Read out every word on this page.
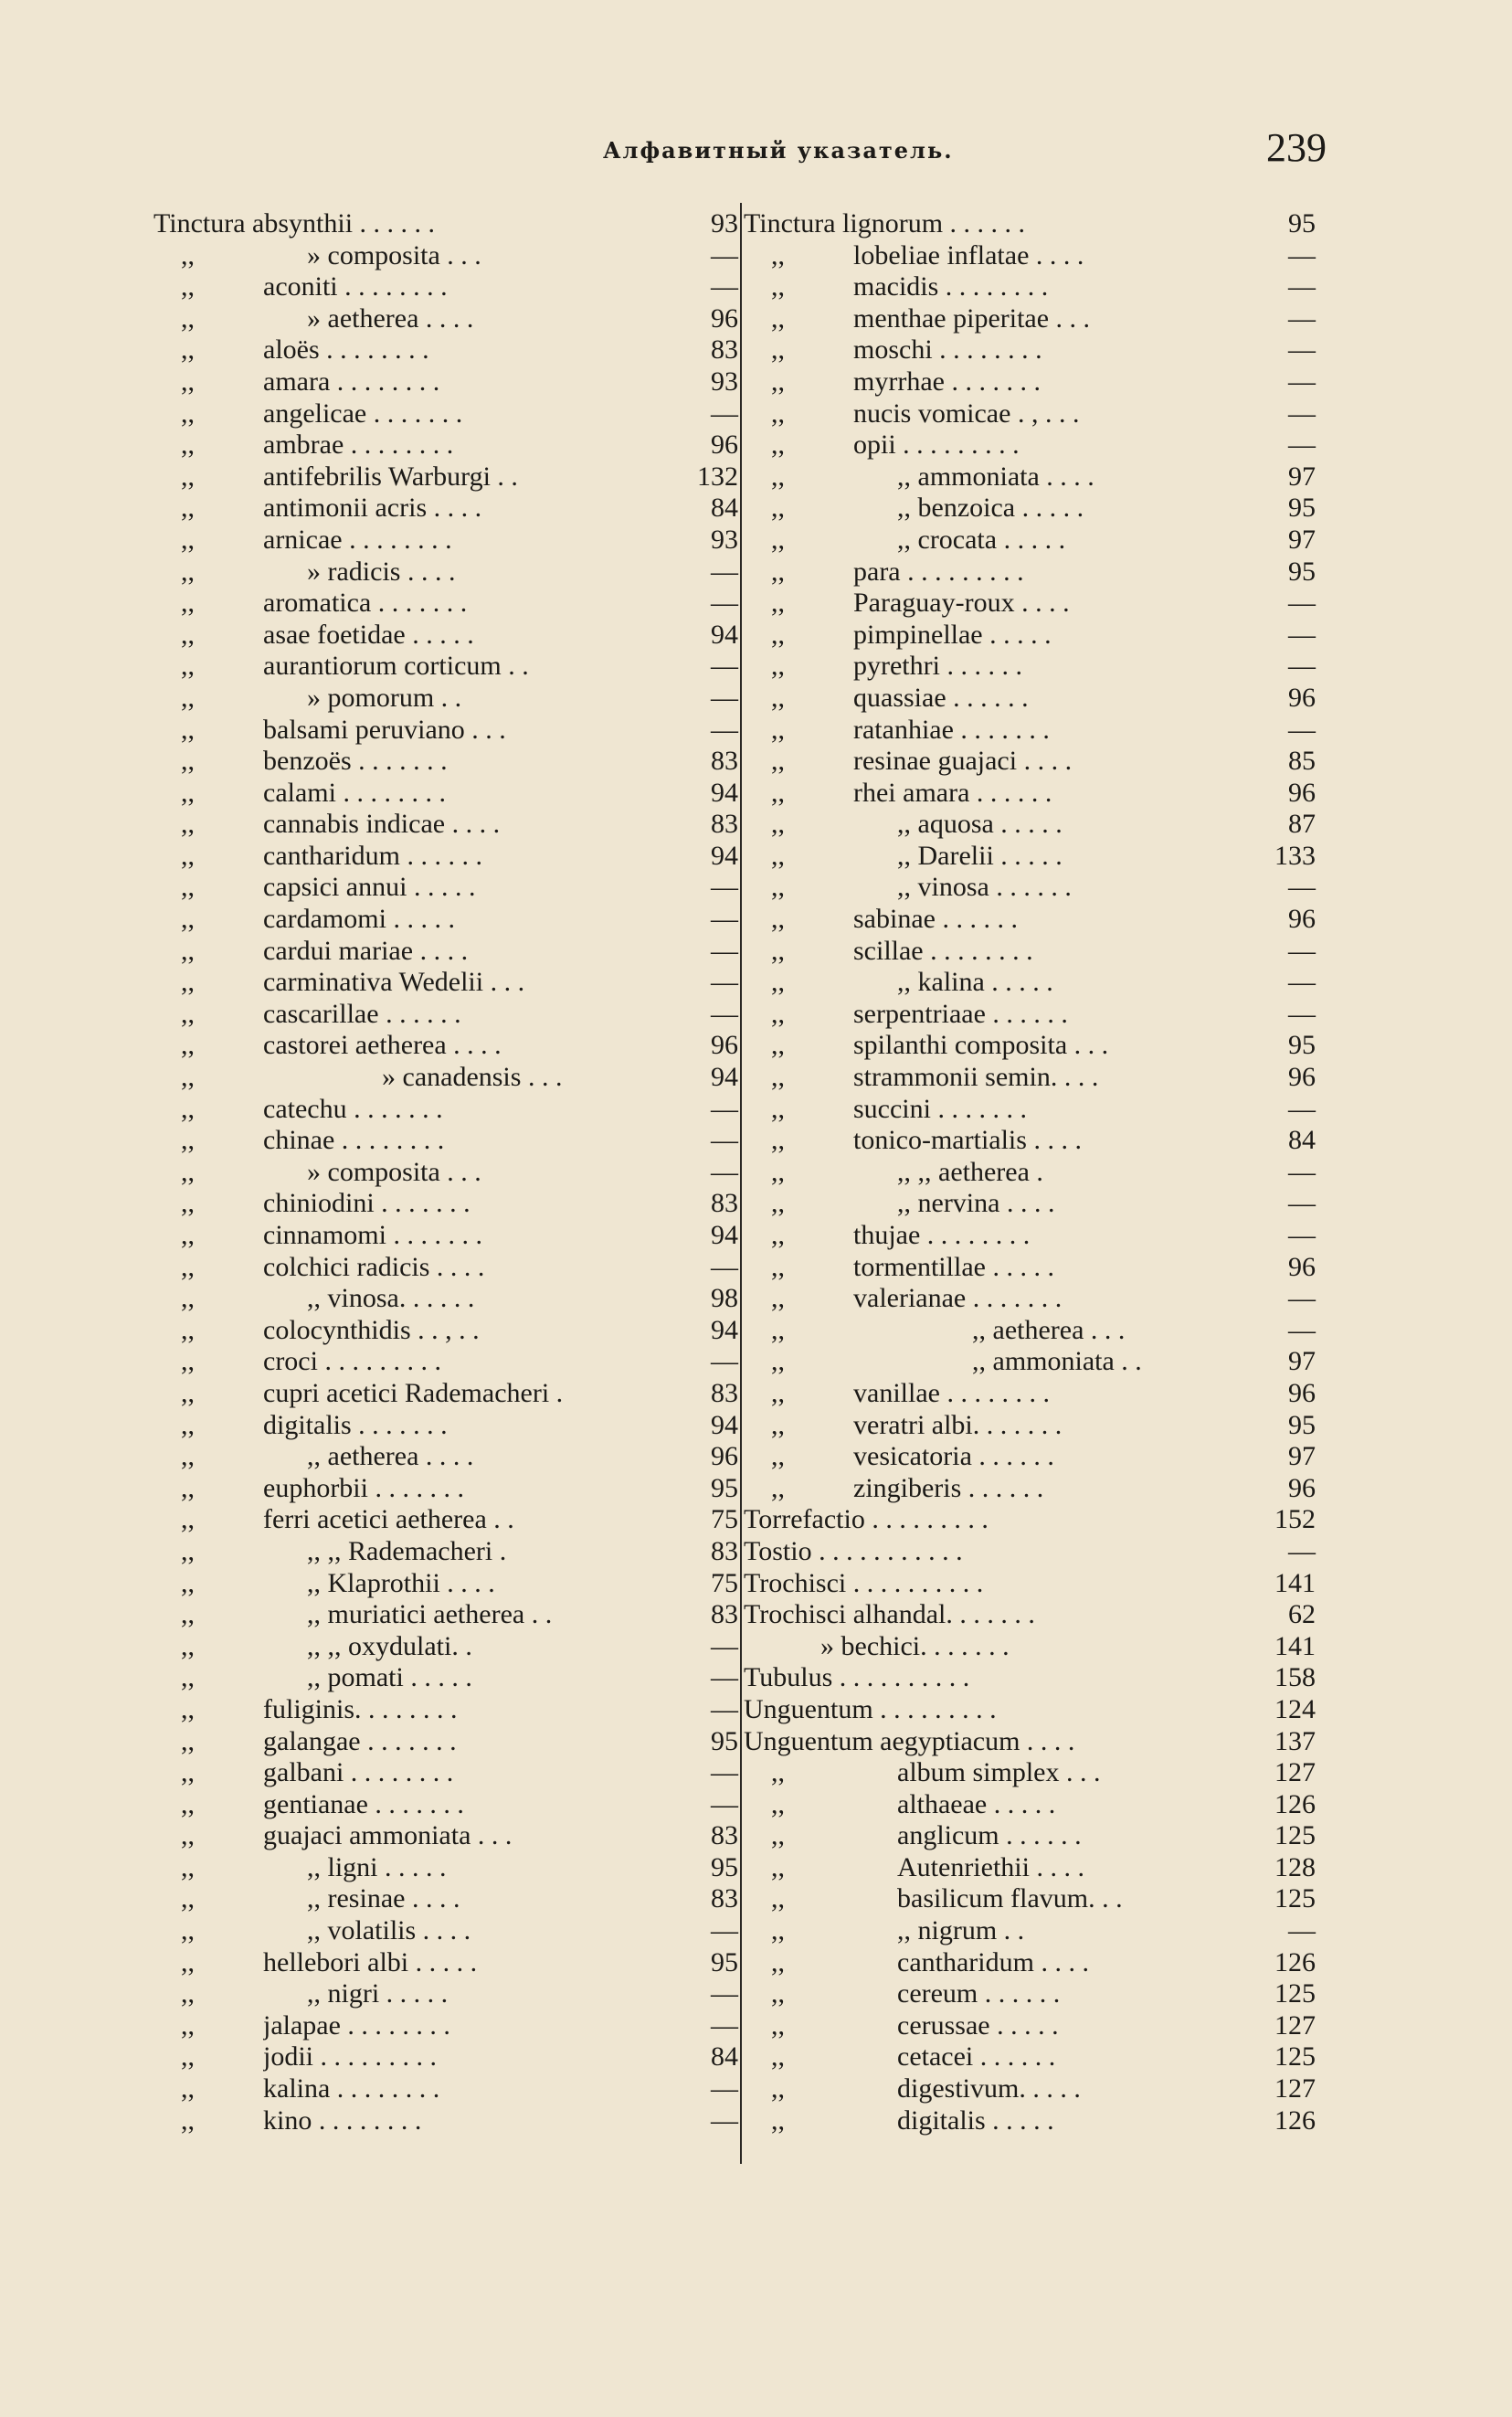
Алфавитный указатель.	239
Tinctura absynthii . . . . . .	93
,,	» composita . . .	—
,,	aconiti . . . . . . . .	—
,,	» aetherea . . . .	96
,,	aloës . . . . . . . .	83
,,	amara . . . . . . . .	93
,,	angelicae . . . . . . .	—
,,	ambrae . . . . . . . .	96
,,	antifebrilis Warburgi . .	132
,,	antimonii acris . . . .	84
,,	arnicae . . . . . . . .	93
,,	» radicis . . . .	—
,,	aromatica . . . . . . .	—
,,	asae foetidae . . . . .	94
,,	aurantiorum corticum . .	—
,,	» pomorum . .	—
,,	balsami peruviano . . .	—
,,	benzoës . . . . . . .	83
,,	calami . . . . . . . .	94
,,	cannabis indicae . . . .	83
,,	cantharidum . . . . . .	94
,,	capsici annui . . . . .	—
,,	cardamomi . . . . .	—
,,	cardui mariae . . . .	—
,,	carminativa Wedelii . . .	—
,,	cascarillae . . . . . .	—
,,	castorei aetherea . . . .	96
,,	» canadensis . . .	94
,,	catechu . . . . . . .	—
,,	chinae . . . . . . . .	—
,,	» composita . . .	—
,,	chiniodini . . . . . . .	83
,,	cinnamomi . . . . . . .	94
,,	colchici radicis . . . .	—
,,	,, vinosa. . . . . .	98
,,	colocynthidis . . , . .	94
,,	croci . . . . . . . . .	—
,,	cupri acetici Rademacheri .	83
,,	digitalis . . . . . . .	94
,,	,, aetherea . . . .	96
,,	euphorbii . . . . . . .	95
,,	ferri acetici aetherea . .	75
,,	,, ,, Rademacheri .	83
,,	,, Klaprothii . . . .	75
,,	,, muriatici aetherea . .	83
,,	,, ,, oxydulati. .	—
,,	,, pomati . . . . .	—
,,	fuliginis. . . . . . . .	—
,,	galangae . . . . . . .	95
,,	galbani . . . . . . . .	—
,,	gentianae . . . . . . .	—
,,	guajaci ammoniata . . .	83
,,	,, ligni . . . . .	95
,,	,, resinae . . . .	83
,,	,, volatilis . . . .	—
,,	hellebori albi . . . . .	95
,,	,, nigri . . . . .	—
,,	jalapae . . . . . . . .	—
,,	jodii . . . . . . . . .	84
,,	kalina . . . . . . . .	—
,,	kino . . . . . . . .	—
Tinctura lignorum . . . . . .	95
,,	lobeliae inflatae . . . .	—
,,	macidis . . . . . . . .	—
,,	menthae piperitae . . .	—
,,	moschi . . . . . . . .	—
,,	myrrhae . . . . . . .	—
,,	nucis vomicae . , . . .	—
,,	opii . . . . . . . . .	—
,,	,, ammoniata . . . .	97
,,	,, benzoica . . . . .	95
,,	,, crocata . . . . .	97
,,	para . . . . . . . . .	95
,,	Paraguay-roux . . . .	—
,,	pimpinellae . . . . .	—
,,	pyrethri . . . . . .	—
,,	quassiae . . . . . .	96
,,	ratanhiae . . . . . . .	—
,,	resinae guajaci . . . .	85
,,	rhei amara . . . . . .	96
,,	,, aquosa . . . . .	87
,,	,, Darelii . . . . .	133
,,	,, vinosa . . . . . .	—
,,	sabinae . . . . . .	96
,,	scillae . . . . . . . .	—
,,	,, kalina . . . . .	—
,,	serpentriaae . . . . . .	—
,,	spilanthi composita . . .	95
,,	strammonii semin. . . .	96
,,	succini . . . . . . .	—
,,	tonico-martialis . . . .	84
,,	,, ,, aetherea .	—
,,	,, nervina . . . .	—
,,	thujae . . . . . . . .	—
,,	tormentillae . . . . .	96
,,	valerianae . . . . . . .	—
,,	,, aetherea . . .	—
,,	,, ammoniata . .	97
,,	vanillae . . . . . . . .	96
,,	veratri albi. . . . . . .	95
,,	vesicatoria . . . . . .	97
,,	zingiberis . . . . . .	96
Torrefactio . . . . . . . . .	152
Tostio . . . . . . . . . . .	—
Trochisci . . . . . . . . . .	141
Trochisci alhandal. . . . . . .	62
» bechici. . . . . . .	141
Tubulus . . . . . . . . . .	158
Unguentum . . . . . . . . .	124
Unguentum aegyptiacum . . . .	137
,,	album simplex . . .	127
,,	althaeae . . . . .	126
,,	anglicum . . . . . .	125
,,	Autenriethii . . . .	128
,,	basilicum flavum. . .	125
,,	,, nigrum . .	—
,,	cantharidum . . . .	126
,,	cereum . . . . . .	125
,,	cerussae . . . . .	127
,,	cetacei . . . . . .	125
,,	digestivum. . . . .	127
,,	digitalis . . . . .	126
